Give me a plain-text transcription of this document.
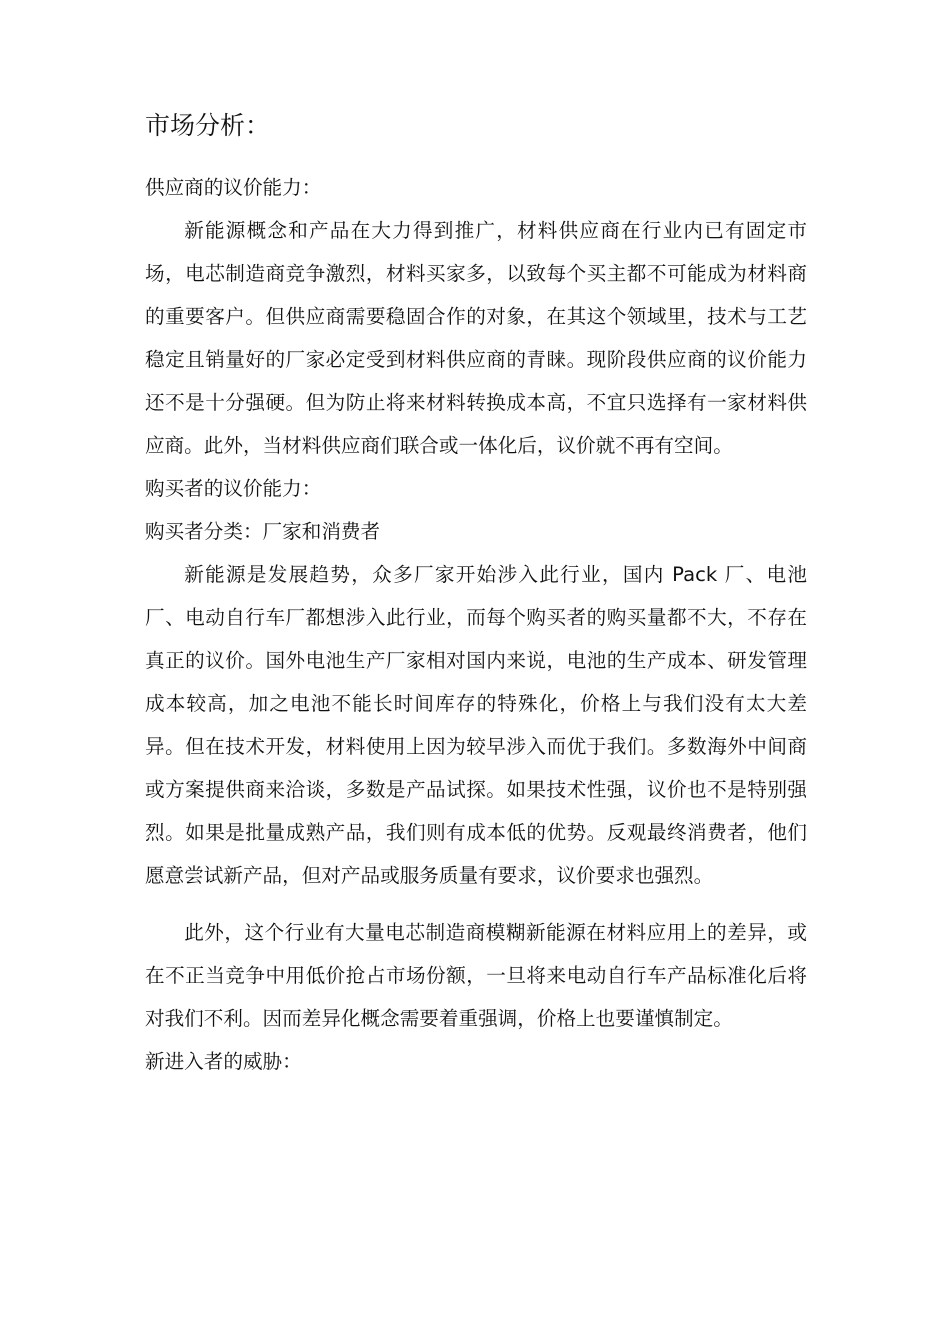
市场分析：

供应商的议价能力：

新能源概念和产品在大力得到推广，材料供应商在行业内已有固定市场，电芯制造商竞争激烈，材料买家多，以致每个买主都不可能成为材料商的重要客户。但供应商需要稳固合作的对象，在其这个领域里，技术与工艺稳定且销量好的厂家必定受到材料供应商的青睐。现阶段供应商的议价能力还不是十分强硬。但为防止将来材料转换成本高，不宜只选择有一家材料供应商。此外，当材料供应商们联合或一体化后，议价就不再有空间。

购买者的议价能力：

购买者分类：厂家和消费者

新能源是发展趋势，众多厂家开始涉入此行业，国内 Pack 厂、电池厂、电动自行车厂都想涉入此行业，而每个购买者的购买量都不大，不存在真正的议价。国外电池生产厂家相对国内来说，电池的生产成本、研发管理成本较高，加之电池不能长时间库存的特殊化，价格上与我们没有太大差异。但在技术开发，材料使用上因为较早涉入而优于我们。多数海外中间商或方案提供商来洽谈，多数是产品试探。如果技术性强，议价也不是特别强烈。如果是批量成熟产品，我们则有成本低的优势。反观最终消费者，他们愿意尝试新产品，但对产品或服务质量有要求，议价要求也强烈。

此外，这个行业有大量电芯制造商模糊新能源在材料应用上的差异，或在不正当竞争中用低价抢占市场份额，一旦将来电动自行车产品标准化后将对我们不利。因而差异化概念需要着重强调，价格上也要谨慎制定。

新进入者的威胁：
